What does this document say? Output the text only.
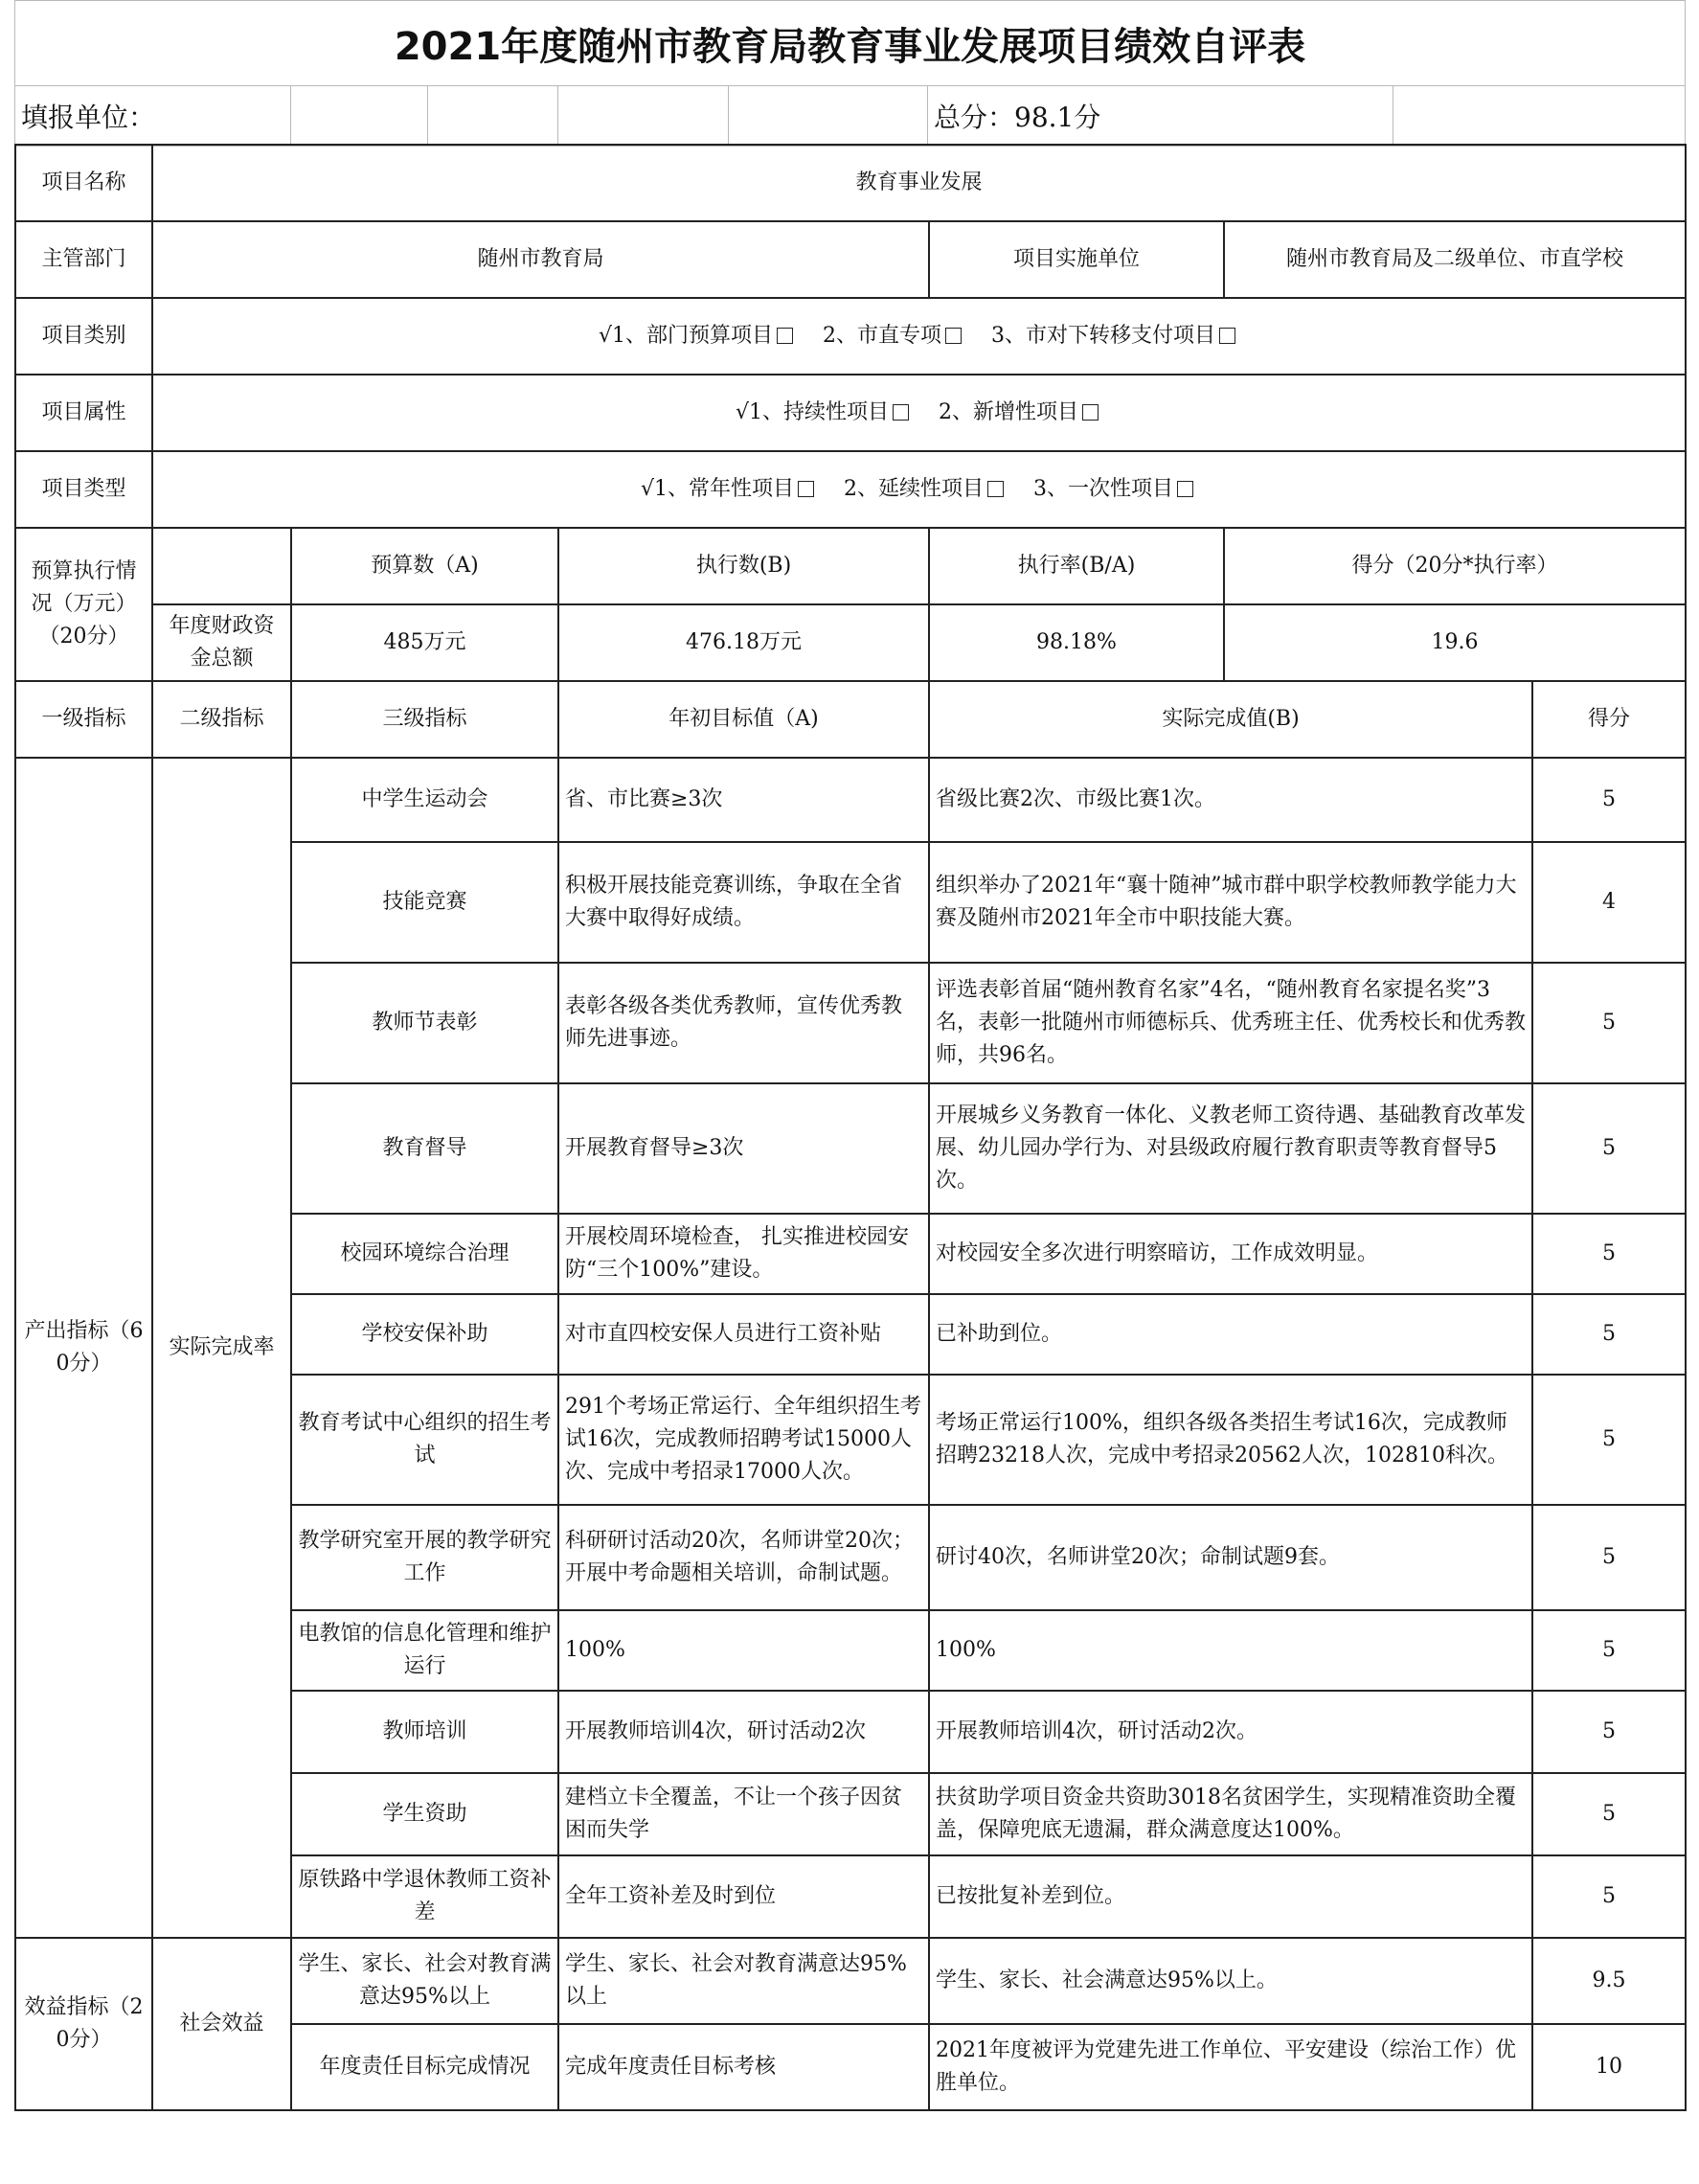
2021年度随州市教育局教育事业发展项目绩效自评表
填报单位：					总分：98.1分	
项目名称	教育事业发展					
主管部门	随州市教育局			项目实施单位	随州市教育局及二级单位、市直学校	
项目类别	√1、部门预算项目 2、市直专项 3、市对下转移支付项目					
项目属性	√1、持续性项目 2、新增性项目					
项目类型	√1、常年性项目 2、延续性项目 3、一次性项目					
预算执行情况（万元）（20分）		预算数（A)	执行数(B)	执行率(B/A)	得分（20分*执行率）	
	年度财政资金总额	485万元	476.18万元	98.18%	19.6	
一级指标	二级指标	三级指标	年初目标值（A)	实际完成值(B)		得分
产出指标（60分）	实际完成率	中学生运动会	省、市比赛≥3次	省级比赛2次、市级比赛1次。		5
		技能竞赛	积极开展技能竞赛训练，争取在全省大赛中取得好成绩。	组织举办了2021年“襄十随神”城市群中职学校教师教学能力大赛及随州市2021年全市中职技能大赛。		4
		教师节表彰	表彰各级各类优秀教师，宣传优秀教师先进事迹。	评选表彰首届“随州教育名家”4名，“随州教育名家提名奖”3名，表彰一批随州市师德标兵、优秀班主任、优秀校长和优秀教师，共96名。		5
		教育督导	开展教育督导≥3次	开展城乡义务教育一体化、义教老师工资待遇、基础教育改革发展、幼儿园办学行为、对县级政府履行教育职责等教育督导5次。		5
		校园环境综合治理	开展校周环境检查， 扎实推进校园安防“三个100%”建设。	对校园安全多次进行明察暗访，工作成效明显。		5
		学校安保补助	对市直四校安保人员进行工资补贴	已补助到位。		5
		教育考试中心组织的招生考试	291个考场正常运行、全年组织招生考试16次，完成教师招聘考试15000人次、完成中考招录17000人次。	考场正常运行100%，组织各级各类招生考试16次，完成教师招聘23218人次，完成中考招录20562人次，102810科次。		5
		教学研究室开展的教学研究工作	科研研讨活动20次，名师讲堂20次；开展中考命题相关培训，命制试题。	研讨40次，名师讲堂20次；命制试题9套。		5
		电教馆的信息化管理和维护运行	100%	100%		5
		教师培训	开展教师培训4次，研讨活动2次	开展教师培训4次，研讨活动2次。		5
		学生资助	建档立卡全覆盖，不让一个孩子因贫困而失学	扶贫助学项目资金共资助3018名贫困学生，实现精准资助全覆盖，保障兜底无遗漏，群众满意度达100%。		5
		原铁路中学退休教师工资补差	全年工资补差及时到位	已按批复补差到位。		5
效益指标（20分）	社会效益	学生、家长、社会对教育满意达95%以上	学生、家长、社会对教育满意达95%以上	学生、家长、社会满意达95%以上。		9.5
		年度责任目标完成情况	完成年度责任目标考核	2021年度被评为党建先进工作单位、平安建设（综治工作）优胜单位。		10
